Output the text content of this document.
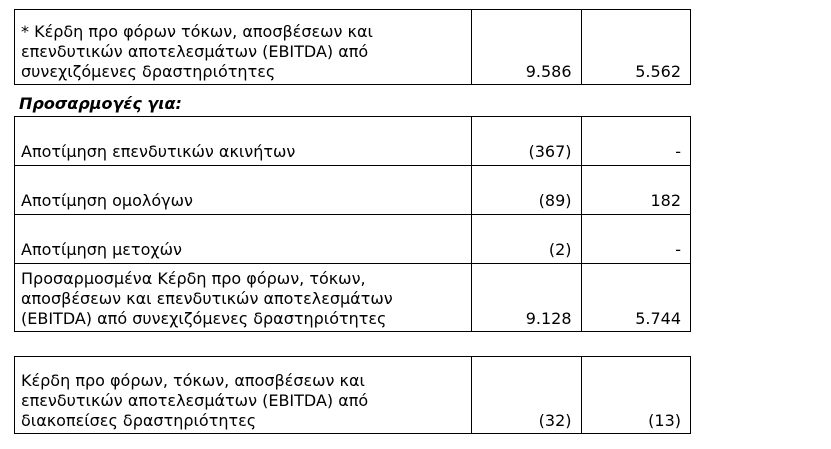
* Κέρδη προ φόρων τόκων, αποσβέσεων και επενδυτικών αποτελεσμάτων (EBITDA) από συνεχιζόμενες δραστηριότητες	9.586	5.562
Προσαρμογές για:
Αποτίμηση επενδυτικών ακινήτων	(367)	-
Αποτίμηση ομολόγων	(89)	182
Αποτίμηση μετοχών	(2)	-
Προσαρμοσμένα Κέρδη προ φόρων, τόκων, αποσβέσεων και επενδυτικών αποτελεσμάτων (EBITDA) από συνεχιζόμενες δραστηριότητες	9.128	5.744
Κέρδη προ φόρων, τόκων, αποσβέσεων και επενδυτικών αποτελεσμάτων (EBITDA) από διακοπείσες δραστηριότητες	(32)	(13)
